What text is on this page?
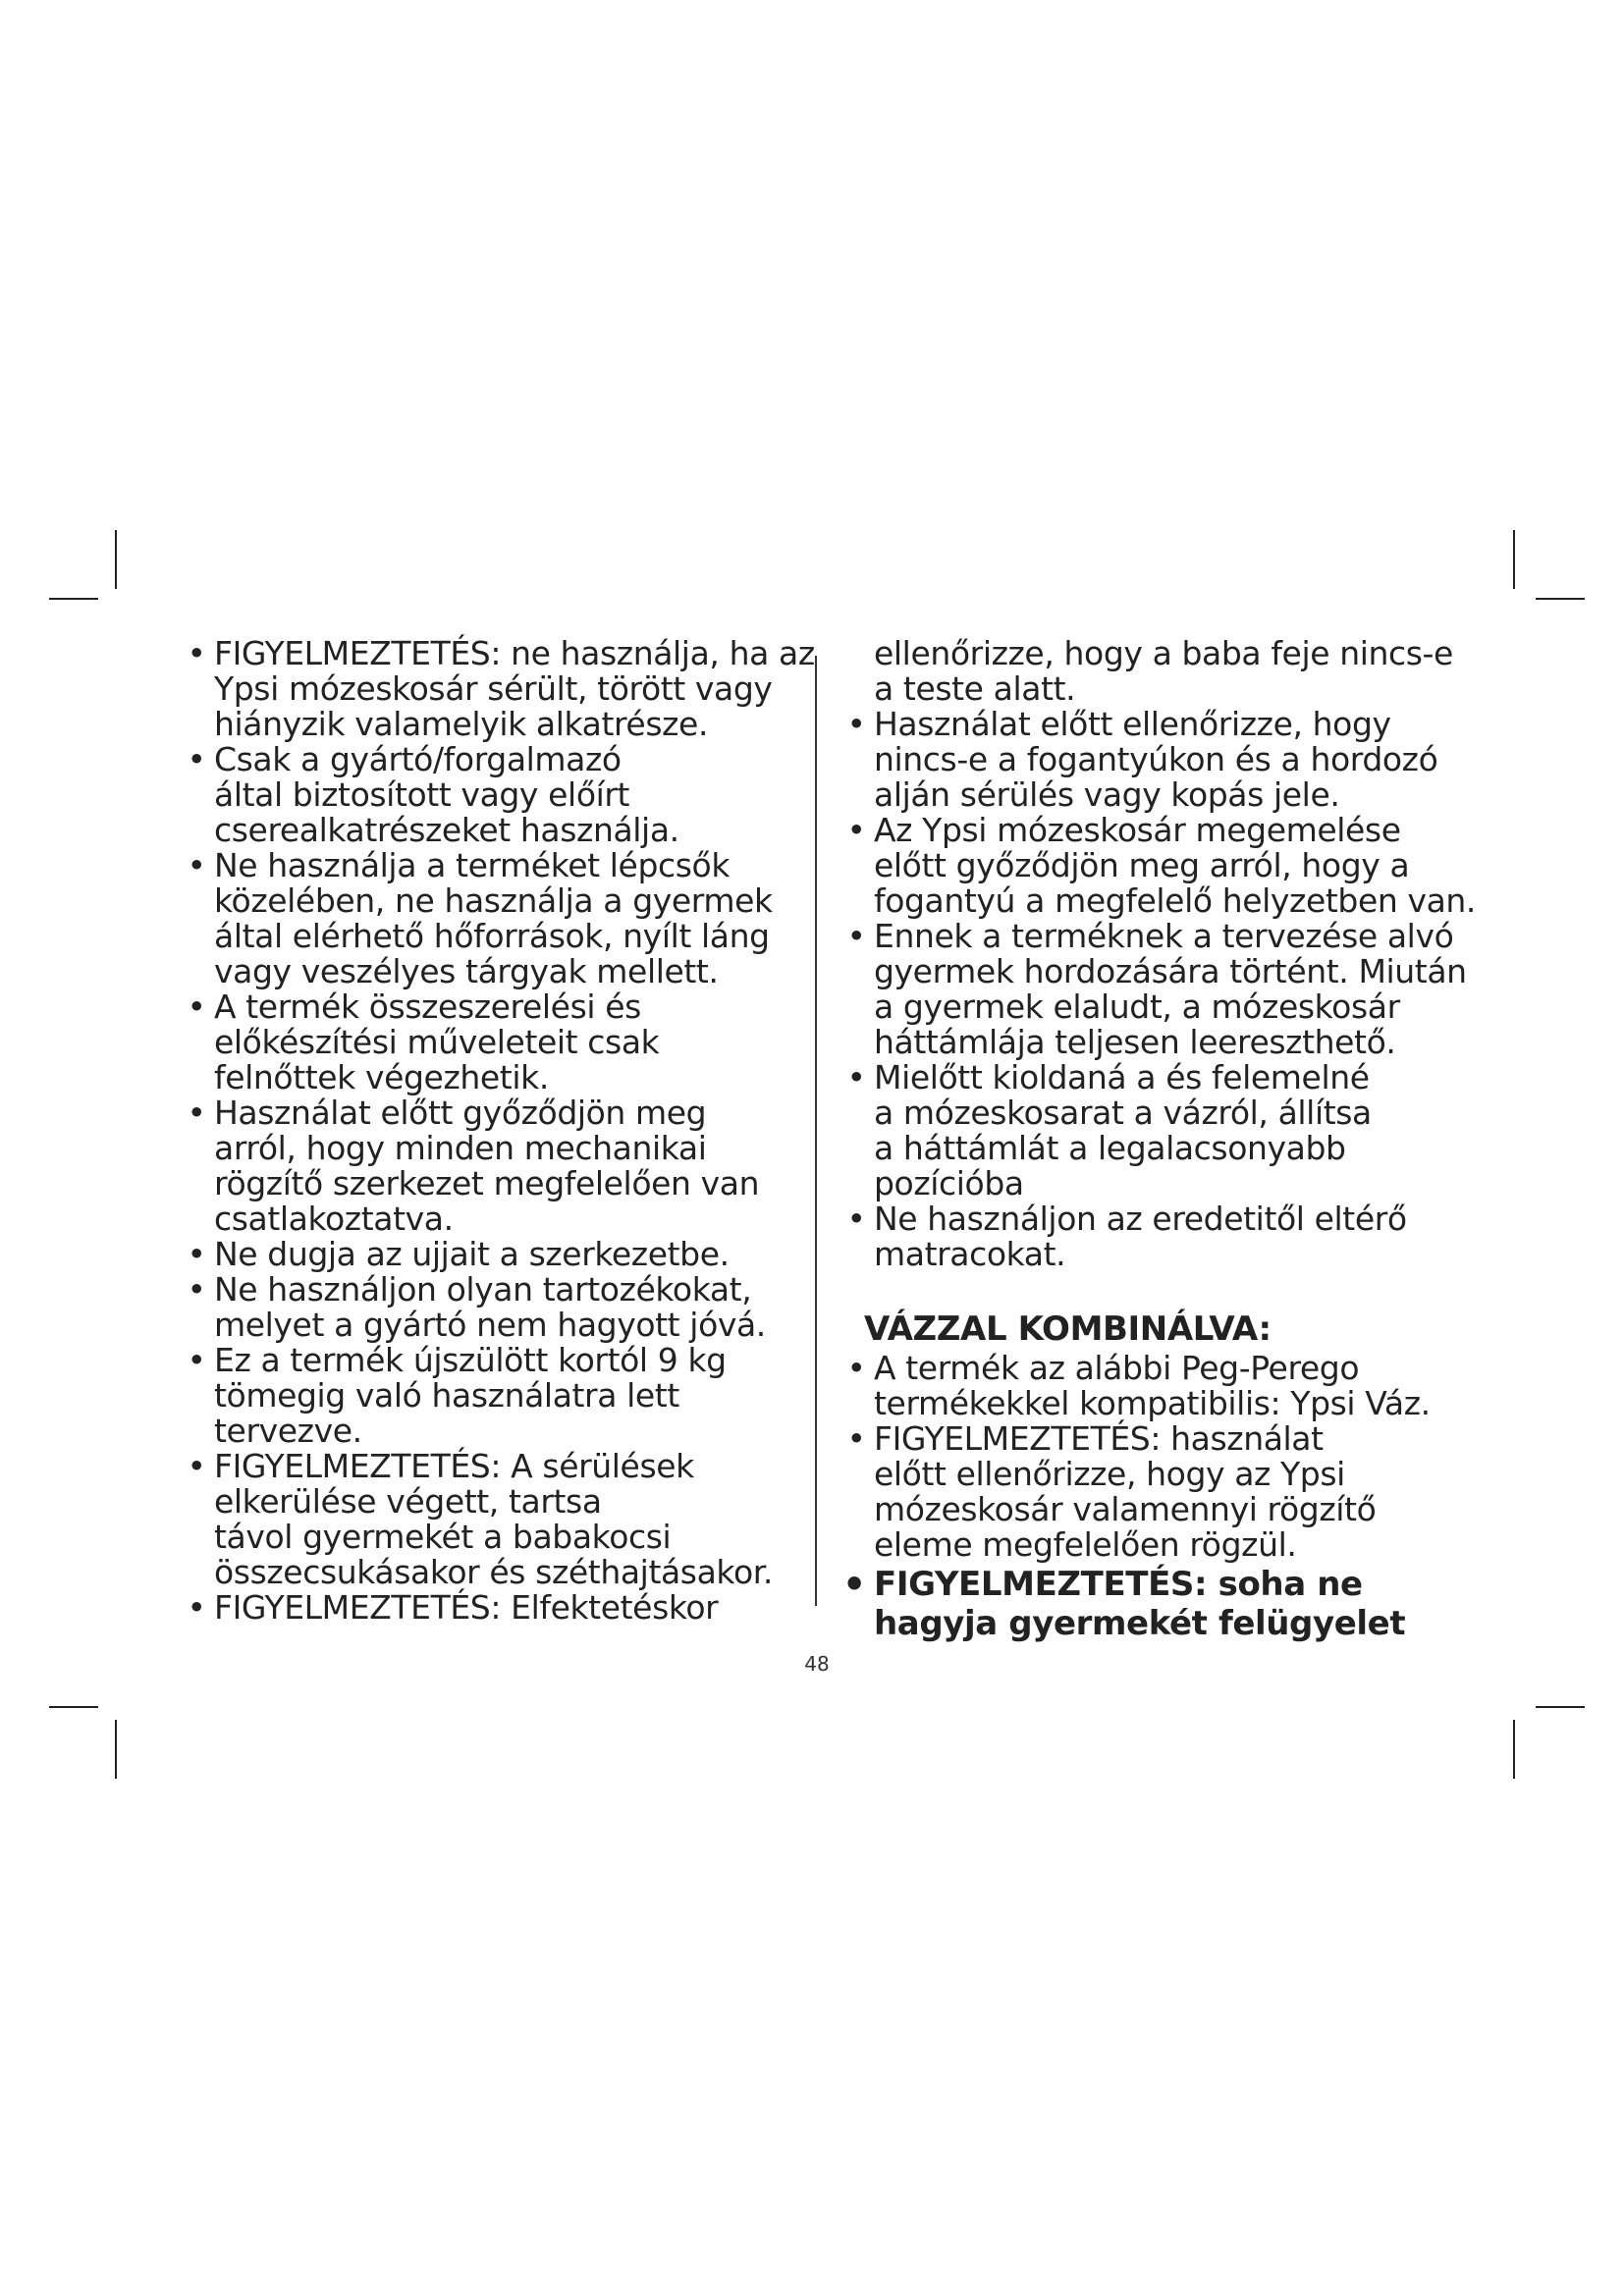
• FIGYELMEZTETÉS: ne használja, ha az
Ypsi mózeskosár sérült, törött vagy
hiányzik valamelyik alkatrésze.
• Csak a gyártó/forgalmazó
által biztosított vagy előírt
cserealkatrészeket használja.
• Ne használja a terméket lépcsők
közelében, ne használja a gyermek
által elérhető hőforrások, nyílt láng
vagy veszélyes tárgyak mellett.
• A termék összeszerelési és
előkészítési műveleteit csak
felnőttek végezhetik.
• Használat előtt győződjön meg
arról, hogy minden mechanikai
rögzítő szerkezet megfelelően van
csatlakoztatva.
• Ne dugja az ujjait a szerkezetbe.
• Ne használjon olyan tartozékokat,
melyet a gyártó nem hagyott jóvá.
• Ez a termék újszülött kortól 9 kg
tömegig való használatra lett
tervezve.
• FIGYELMEZTETÉS: A sérülések
elkerülése végett, tartsa
távol gyermekét a babakocsi
összecsukásakor és széthajtásakor.
• FIGYELMEZTETÉS: Elfektetéskor
ellenőrizze, hogy a baba feje nincs-e
a teste alatt.
• Használat előtt ellenőrizze, hogy
nincs-e a fogantyúkon és a hordozó
alján sérülés vagy kopás jele.
• Az Ypsi mózeskosár megemelése
előtt győződjön meg arról, hogy a
fogantyú a megfelelő helyzetben van.
• Ennek a terméknek a tervezése alvó
gyermek hordozására történt. Miután
a gyermek elaludt, a mózeskosár
háttámlája teljesen leereszthető.
• Mielőtt kioldaná a és felemelné
a mózeskosarat a vázról, állítsa
a háttámlát a legalacsonyabb
pozícióba
• Ne használjon az eredetitől eltérő
matracokat.
VÁZZAL KOMBINÁLVA:
• A termék az alábbi Peg-Perego
termékekkel kompatibilis: Ypsi Váz.
• FIGYELMEZTETÉS: használat
előtt ellenőrizze, hogy az Ypsi
mózeskosár valamennyi rögzítő
eleme megfelelően rögzül.
• FIGYELMEZTETÉS: soha ne
hagyja gyermekét felügyelet
48
